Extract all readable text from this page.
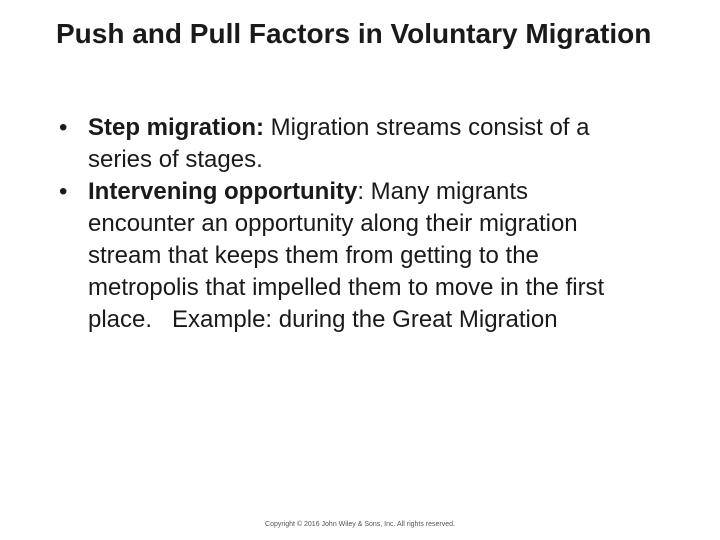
Push and Pull Factors in Voluntary Migration
• Step migration: Migration streams consist of a series of stages.
• Intervening opportunity: Many migrants encounter an opportunity along their migration stream that keeps them from getting to the metropolis that impelled them to move in the first place.   Example: during the Great Migration
Copyright © 2016 John Wiley & Sons, Inc. All rights reserved.
